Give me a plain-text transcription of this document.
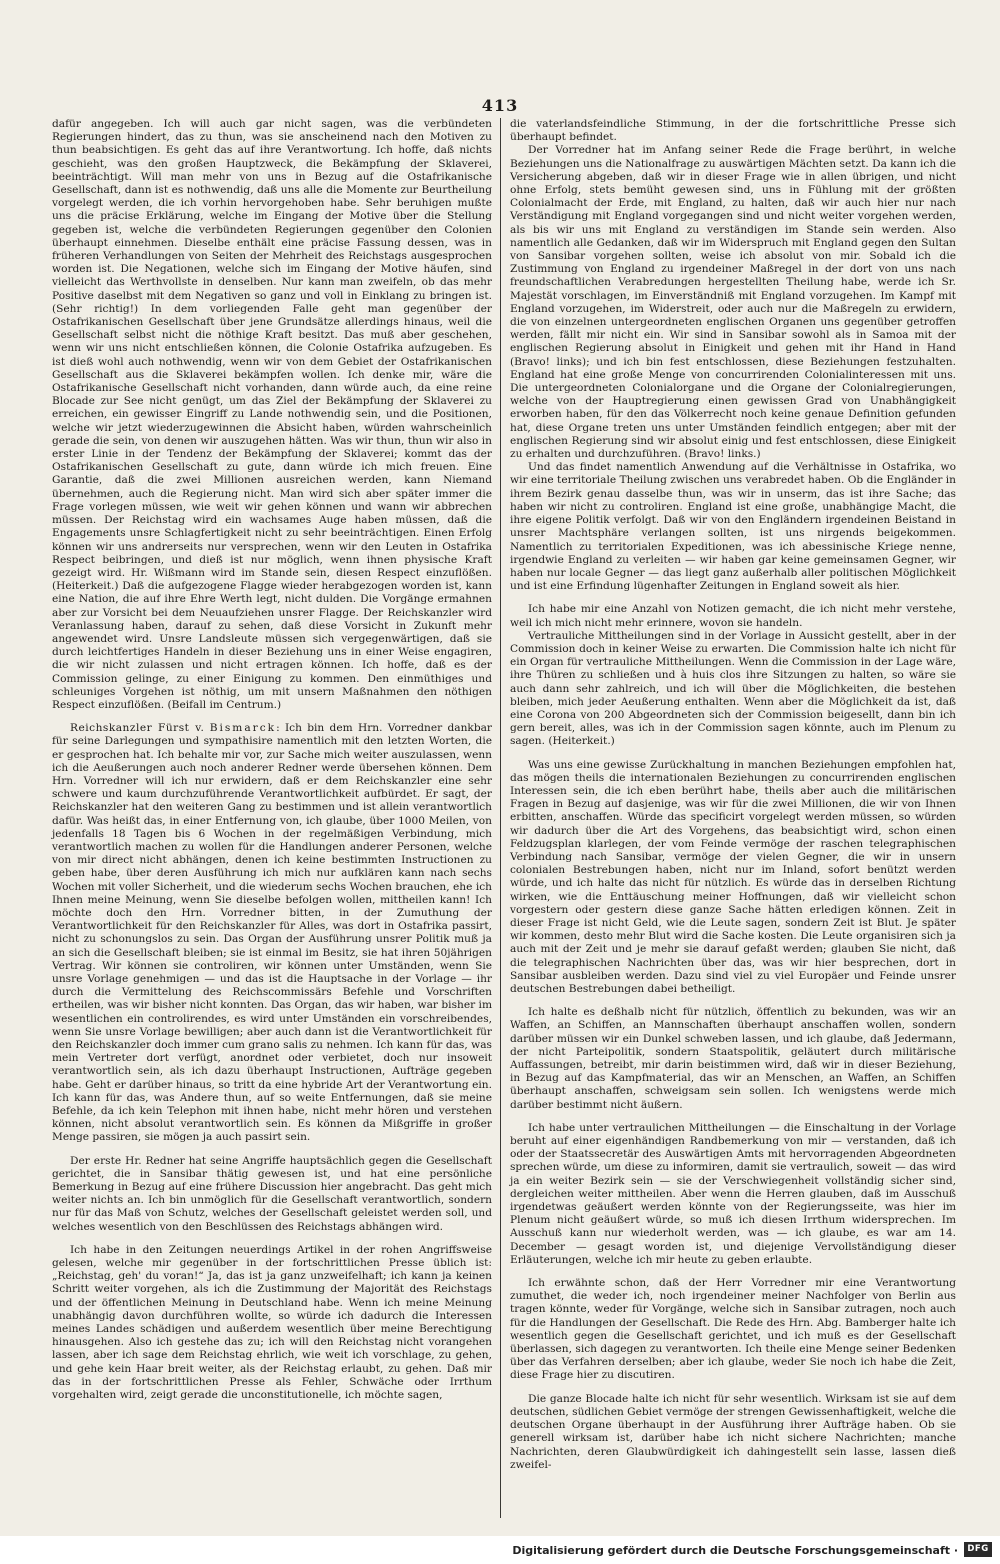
413

dafür angegeben. Ich will auch gar nicht sagen, was die verbündeten Regierungen hindert, das zu thun, was sie anscheinend nach den Motiven zu thun beabsichtigen. Es geht das auf ihre Verantwortung. Ich hoffe, daß nichts geschieht, was den großen Hauptzweck, die Bekämpfung der Sklaverei, beeinträchtigt. Will man mehr von uns in Bezug auf die Ostafrikanische Gesellschaft, dann ist es nothwendig, daß uns alle die Momente zur Beurtheilung vorgelegt werden, die ich vorhin hervorgehoben habe. Sehr beruhigen mußte uns die präcise Erklärung, welche im Eingang der Motive über die Stellung gegeben ist, welche die verbündeten Regierungen gegenüber den Colonien überhaupt einnehmen. Dieselbe enthält eine präcise Fassung dessen, was in früheren Verhandlungen von Seiten der Mehrheit des Reichstags ausgesprochen worden ist. Die Negationen, welche sich im Eingang der Motive häufen, sind vielleicht das Werthvollste in denselben. Nur kann man zweifeln, ob das mehr Positive daselbst mit dem Negativen so ganz und voll in Einklang zu bringen ist. (Sehr richtig!) In dem vorliegenden Falle geht man gegenüber der Ostafrikanischen Gesellschaft über jene Grundsätze allerdings hinaus, weil die Gesellschaft selbst nicht die nöthige Kraft besitzt. Das muß aber geschehen, wenn wir uns nicht entschließen können, die Colonie Ostafrika aufzugeben. Es ist dieß wohl auch nothwendig, wenn wir von dem Gebiet der Ostafrikanischen Gesellschaft aus die Sklaverei bekämpfen wollen. Ich denke mir, wäre die Ostafrikanische Gesellschaft nicht vorhanden, dann würde auch, da eine reine Blocade zur See nicht genügt, um das Ziel der Bekämpfung der Sklaverei zu erreichen, ein gewisser Eingriff zu Lande nothwendig sein, und die Positionen, welche wir jetzt wiederzugewinnen die Absicht haben, würden wahrscheinlich gerade die sein, von denen wir auszugehen hätten. Was wir thun, thun wir also in erster Linie in der Tendenz der Bekämpfung der Sklaverei; kommt das der Ostafrikanischen Gesellschaft zu gute, dann würde ich mich freuen. Eine Garantie, daß die zwei Millionen ausreichen werden, kann Niemand übernehmen, auch die Regierung nicht. Man wird sich aber später immer die Frage vorlegen müssen, wie weit wir gehen können und wann wir abbrechen müssen. Der Reichstag wird ein wachsames Auge haben müssen, daß die Engagements unsre Schlagfertigkeit nicht zu sehr beeinträchtigen. Einen Erfolg können wir uns andrerseits nur versprechen, wenn wir den Leuten in Ostafrika Respect beibringen, und dieß ist nur möglich, wenn ihnen physische Kraft gezeigt wird. Hr. Wißmann wird im Stande sein, diesen Respect einzuflößen. (Heiterkeit.) Daß die aufgezogene Flagge wieder herabgezogen worden ist, kann eine Nation, die auf ihre Ehre Werth legt, nicht dulden. Die Vorgänge ermahnen aber zur Vorsicht bei dem Neuaufziehen unsrer Flagge. Der Reichskanzler wird Veranlassung haben, darauf zu sehen, daß diese Vorsicht in Zukunft mehr angewendet wird. Unsre Landsleute müssen sich vergegenwärtigen, daß sie durch leichtfertiges Handeln in dieser Beziehung uns in einer Weise engagiren, die wir nicht zulassen und nicht ertragen können. Ich hoffe, daß es der Commission gelinge, zu einer Einigung zu kommen. Den einmüthiges und schleuniges Vorgehen ist nöthig, um mit unsern Maßnahmen den nöthigen Respect einzuflößen. (Beifall im Centrum.)

Reichskanzler Fürst v. Bismarck: Ich bin dem Hrn. Vorredner dankbar für seine Darlegungen und sympathisire namentlich mit den letzten Worten, die er gesprochen hat. Ich behalte mir vor, zur Sache mich weiter auszulassen, wenn ich die Aeußerungen auch noch anderer Redner werde übersehen können. Dem Hrn. Vorredner will ich nur erwidern, daß er dem Reichskanzler eine sehr schwere und kaum durchzuführende Verantwortlichkeit aufbürdet. Er sagt, der Reichskanzler hat den weiteren Gang zu bestimmen und ist allein verantwortlich dafür. Was heißt das, in einer Entfernung von, ich glaube, über 1000 Meilen, von jedenfalls 18 Tagen bis 6 Wochen in der regelmäßigen Verbindung, mich verantwortlich machen zu wollen für die Handlungen anderer Personen, welche von mir direct nicht abhängen, denen ich keine bestimmten Instructionen zu geben habe, über deren Ausführung ich mich nur aufklären kann nach sechs Wochen mit voller Sicherheit, und die wiederum sechs Wochen brauchen, ehe ich Ihnen meine Meinung, wenn Sie dieselbe befolgen wollen, mittheilen kann! Ich möchte doch den Hrn. Vorredner bitten, in der Zumuthung der Verantwortlichkeit für den Reichskanzler für Alles, was dort in Ostafrika passirt, nicht zu schonungslos zu sein. Das Organ der Ausführung unsrer Politik muß ja an sich die Gesellschaft bleiben; sie ist einmal im Besitz, sie hat ihren 50jährigen Vertrag. Wir können sie controliren, wir können unter Umständen, wenn Sie unsre Vorlage genehmigen — und das ist die Hauptsache in der Vorlage — ihr durch die Vermittelung des Reichscommissärs Befehle und Vorschriften ertheilen, was wir bisher nicht konnten. Das Organ, das wir haben, war bisher im wesentlichen ein controlirendes, es wird unter Umständen ein vorschreibendes, wenn Sie unsre Vorlage bewilligen; aber auch dann ist die Verantwortlichkeit für den Reichskanzler doch immer cum grano salis zu nehmen. Ich kann für das, was mein Vertreter dort verfügt, anordnet oder verbietet, doch nur insoweit verantwortlich sein, als ich dazu überhaupt Instructionen, Aufträge gegeben habe. Geht er darüber hinaus, so tritt da eine hybride Art der Verantwortung ein. Ich kann für das, was Andere thun, auf so weite Entfernungen, daß sie meine Befehle, da ich kein Telephon mit ihnen habe, nicht mehr hören und verstehen können, nicht absolut verantwortlich sein. Es können da Mißgriffe in großer Menge passiren, sie mögen ja auch passirt sein.

Der erste Hr. Redner hat seine Angriffe hauptsächlich gegen die Gesellschaft gerichtet, die in Sansibar thätig gewesen ist, und hat eine persönliche Bemerkung in Bezug auf eine frühere Discussion hier angebracht. Das geht mich weiter nichts an. Ich bin unmöglich für die Gesellschaft verantwortlich, sondern nur für das Maß von Schutz, welches der Gesellschaft geleistet werden soll, und welches wesentlich von den Beschlüssen des Reichstags abhängen wird.

Ich habe in den Zeitungen neuerdings Artikel in der rohen Angriffsweise gelesen, welche mir gegenüber in der fortschrittlichen Presse üblich ist: „Reichstag, geh' du voran!“ Ja, das ist ja ganz unzweifelhaft; ich kann ja keinen Schritt weiter vorgehen, als ich die Zustimmung der Majorität des Reichstags und der öffentlichen Meinung in Deutschland habe. Wenn ich meine Meinung unabhängig davon durchführen wollte, so würde ich dadurch die Interessen meines Landes schädigen und außerdem wesentlich über meine Berechtigung hinausgehen. Also ich gestehe das zu; ich will den Reichstag nicht vorangehen lassen, aber ich sage dem Reichstag ehrlich, wie weit ich vorschlage, zu gehen, und gehe kein Haar breit weiter, als der Reichstag erlaubt, zu gehen. Daß mir das in der fortschrittlichen Presse als Fehler, Schwäche oder Irrthum vorgehalten wird, zeigt gerade die unconstitutionelle, ich möchte sagen,

die vaterlandsfeindliche Stimmung, in der die fortschrittliche Presse sich überhaupt befindet.

Der Vorredner hat im Anfang seiner Rede die Frage berührt, in welche Beziehungen uns die Nationalfrage zu auswärtigen Mächten setzt. Da kann ich die Versicherung abgeben, daß wir in dieser Frage wie in allen übrigen, und nicht ohne Erfolg, stets bemüht gewesen sind, uns in Fühlung mit der größten Colonialmacht der Erde, mit England, zu halten, daß wir auch hier nur nach Verständigung mit England vorgegangen sind und nicht weiter vorgehen werden, als bis wir uns mit England zu verständigen im Stande sein werden. Also namentlich alle Gedanken, daß wir im Widerspruch mit England gegen den Sultan von Sansibar vorgehen sollten, weise ich absolut von mir. Sobald ich die Zustimmung von England zu irgendeiner Maßregel in der dort von uns nach freundschaftlichen Verabredungen hergestellten Theilung habe, werde ich Sr. Majestät vorschlagen, im Einverständniß mit England vorzugehen. Im Kampf mit England vorzugehen, im Widerstreit, oder auch nur die Maßregeln zu erwidern, die von einzelnen untergeordneten englischen Organen uns gegenüber getroffen werden, fällt mir nicht ein. Wir sind in Sansibar sowohl als in Samoa mit der englischen Regierung absolut in Einigkeit und gehen mit ihr Hand in Hand (Bravo! links); und ich bin fest entschlossen, diese Beziehungen festzuhalten. England hat eine große Menge von concurrirenden Colonialinteressen mit uns. Die untergeordneten Colonialorgane und die Organe der Colonialregierungen, welche von der Hauptregierung einen gewissen Grad von Unabhängigkeit erworben haben, für den das Völkerrecht noch keine genaue Definition gefunden hat, diese Organe treten uns unter Umständen feindlich entgegen; aber mit der englischen Regierung sind wir absolut einig und fest entschlossen, diese Einigkeit zu erhalten und durchzuführen. (Bravo! links.)

Und das findet namentlich Anwendung auf die Verhältnisse in Ostafrika, wo wir eine territoriale Theilung zwischen uns verabredet haben. Ob die Engländer in ihrem Bezirk genau dasselbe thun, was wir in unserm, das ist ihre Sache; das haben wir nicht zu controliren. England ist eine große, unabhängige Macht, die ihre eigene Politik verfolgt. Daß wir von den Engländern irgendeinen Beistand in unsrer Machtsphäre verlangen sollten, ist uns nirgends beigekommen. Namentlich zu territorialen Expeditionen, was ich abessinische Kriege nenne, irgendwie England zu verleiten — wir haben gar keine gemeinsamen Gegner, wir haben nur locale Gegner — das liegt ganz außerhalb aller politischen Möglichkeit und ist eine Erfindung lügenhafter Zeitungen in England soweit als hier.

Ich habe mir eine Anzahl von Notizen gemacht, die ich nicht mehr verstehe, weil ich mich nicht mehr erinnere, wovon sie handeln.

Vertrauliche Mittheilungen sind in der Vorlage in Aussicht gestellt, aber in der Commission doch in keiner Weise zu erwarten. Die Commission halte ich nicht für ein Organ für vertrauliche Mittheilungen. Wenn die Commission in der Lage wäre, ihre Thüren zu schließen und à huis clos ihre Sitzungen zu halten, so wäre sie auch dann sehr zahlreich, und ich will über die Möglichkeiten, die bestehen bleiben, mich jeder Aeußerung enthalten. Wenn aber die Möglichkeit da ist, daß eine Corona von 200 Abgeordneten sich der Commission beigesellt, dann bin ich gern bereit, alles, was ich in der Commission sagen könnte, auch im Plenum zu sagen. (Heiterkeit.)

Was uns eine gewisse Zurückhaltung in manchen Beziehungen empfohlen hat, das mögen theils die internationalen Beziehungen zu concurrirenden englischen Interessen sein, die ich eben berührt habe, theils aber auch die militärischen Fragen in Bezug auf dasjenige, was wir für die zwei Millionen, die wir von Ihnen erbitten, anschaffen. Würde das specificirt vorgelegt werden müssen, so würden wir dadurch über die Art des Vorgehens, das beabsichtigt wird, schon einen Feldzugsplan klarlegen, der vom Feinde vermöge der raschen telegraphischen Verbindung nach Sansibar, vermöge der vielen Gegner, die wir in unsern colonialen Bestrebungen haben, nicht nur im Inland, sofort benützt werden würde, und ich halte das nicht für nützlich. Es würde das in derselben Richtung wirken, wie die Enttäuschung meiner Hoffnungen, daß wir vielleicht schon vorgestern oder gestern diese ganze Sache hätten erledigen können. Zeit in dieser Frage ist nicht Geld, wie die Leute sagen, sondern Zeit ist Blut. Je später wir kommen, desto mehr Blut wird die Sache kosten. Die Leute organisiren sich ja auch mit der Zeit und je mehr sie darauf gefaßt werden; glauben Sie nicht, daß die telegraphischen Nachrichten über das, was wir hier besprechen, dort in Sansibar ausbleiben werden. Dazu sind viel zu viel Europäer und Feinde unsrer deutschen Bestrebungen dabei betheiligt.

Ich halte es deßhalb nicht für nützlich, öffentlich zu bekunden, was wir an Waffen, an Schiffen, an Mannschaften überhaupt anschaffen wollen, sondern darüber müssen wir ein Dunkel schweben lassen, und ich glaube, daß Jedermann, der nicht Parteipolitik, sondern Staatspolitik, geläutert durch militärische Auffassungen, betreibt, mir darin beistimmen wird, daß wir in dieser Beziehung, in Bezug auf das Kampfmaterial, das wir an Menschen, an Waffen, an Schiffen überhaupt anschaffen, schweigsam sein sollen. Ich wenigstens werde mich darüber bestimmt nicht äußern.

Ich habe unter vertraulichen Mittheilungen — die Einschaltung in der Vorlage beruht auf einer eigenhändigen Randbemerkung von mir — verstanden, daß ich oder der Staatssecretär des Auswärtigen Amts mit hervorragenden Abgeordneten sprechen würde, um diese zu informiren, damit sie vertraulich, soweit — das wird ja ein weiter Bezirk sein — sie der Verschwiegenheit vollständig sicher sind, dergleichen weiter mittheilen. Aber wenn die Herren glauben, daß im Ausschuß irgendetwas geäußert werden könnte von der Regierungsseite, was hier im Plenum nicht geäußert würde, so muß ich diesen Irrthum widersprechen. Im Ausschuß kann nur wiederholt werden, was — ich glaube, es war am 14. December — gesagt worden ist, und diejenige Vervollständigung dieser Erläuterungen, welche ich mir heute zu geben erlaubte.

Ich erwähnte schon, daß der Herr Vorredner mir eine Verantwortung zumuthet, die weder ich, noch irgendeiner meiner Nachfolger von Berlin aus tragen könnte, weder für Vorgänge, welche sich in Sansibar zutragen, noch auch für die Handlungen der Gesellschaft. Die Rede des Hrn. Abg. Bamberger halte ich wesentlich gegen die Gesellschaft gerichtet, und ich muß es der Gesellschaft überlassen, sich dagegen zu verantworten. Ich theile eine Menge seiner Bedenken über das Verfahren derselben; aber ich glaube, weder Sie noch ich habe die Zeit, diese Frage hier zu discutiren.

Die ganze Blocade halte ich nicht für sehr wesentlich. Wirksam ist sie auf dem deutschen, südlichen Gebiet vermöge der strengen Gewissenhaftigkeit, welche die deutschen Organe überhaupt in der Ausführung ihrer Aufträge haben. Ob sie generell wirksam ist, darüber habe ich nicht sichere Nachrichten; manche Nachrichten, deren Glaubwürdigkeit ich dahingestellt sein lasse, lassen dieß zweifel-

Digitalisierung gefördert durch die Deutsche Forschungsgemeinschaft ·	DFG
